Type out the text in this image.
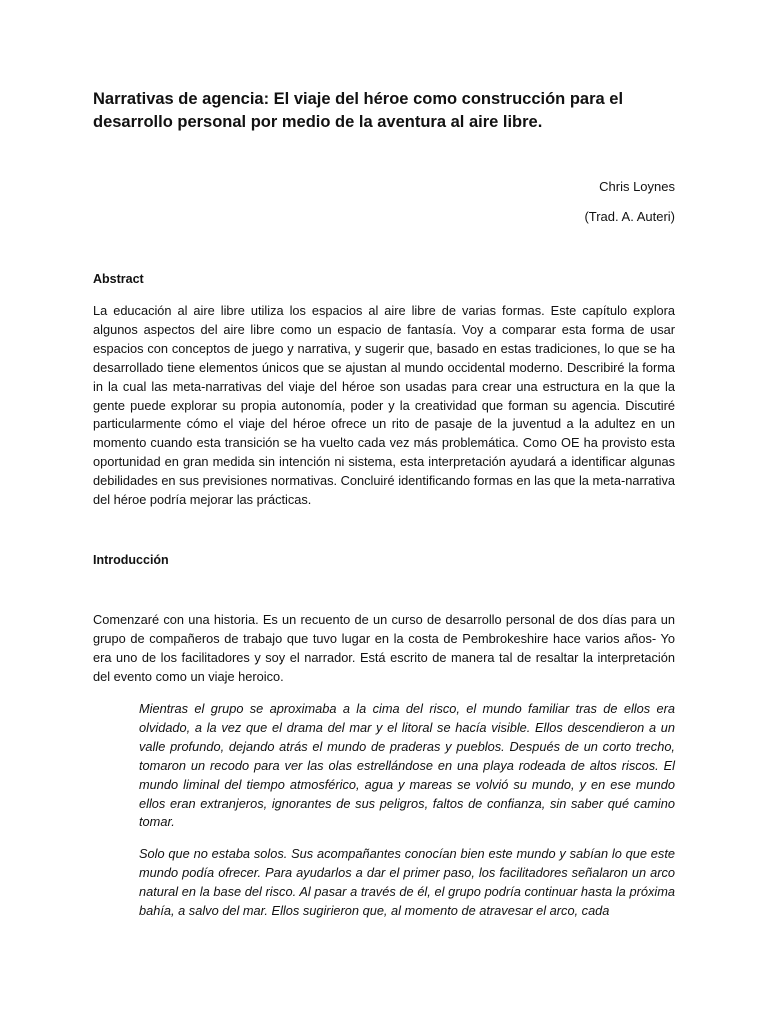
Narrativas de agencia: El viaje del héroe como construcción para el desarrollo personal por medio de la aventura al aire libre.

Chris Loynes

(Trad. A. Auteri)

Abstract

La educación al aire libre utiliza los espacios al aire libre de varias formas. Este capítulo explora algunos aspectos del aire libre como un espacio de fantasía. Voy a comparar esta forma de usar espacios con conceptos de juego y narrativa, y sugerir que, basado en estas tradiciones, lo que se ha desarrollado tiene elementos únicos que se ajustan al mundo occidental moderno. Describiré la forma in la cual las meta-narrativas del viaje del héroe son usadas para crear una estructura en la que la gente puede explorar su propia autonomía, poder y la creatividad que forman su agencia. Discutiré particularmente cómo el viaje del héroe ofrece un rito de pasaje de la juventud a la adultez en un momento cuando esta transición se ha vuelto cada vez más problemática. Como OE ha provisto esta oportunidad en gran medida sin intención ni sistema, esta interpretación ayudará a identificar algunas debilidades en sus previsiones normativas. Concluiré identificando formas en las que la meta-narrativa del héroe podría mejorar las prácticas.

Introducción

Comenzaré con una historia. Es un recuento de un curso de desarrollo personal de dos días para un grupo de compañeros de trabajo que tuvo lugar en la costa de Pembrokeshire hace varios años- Yo era uno de los facilitadores y soy el narrador. Está escrito de manera tal de resaltar la interpretación del evento como un viaje heroico.

Mientras el grupo se aproximaba a la cima del risco, el mundo familiar tras de ellos era olvidado, a la vez que el drama del mar y el litoral se hacía visible. Ellos descendieron a un valle profundo, dejando atrás el mundo de praderas y pueblos. Después de un corto trecho, tomaron un recodo para ver las olas estrellándose en una playa rodeada de altos riscos. El mundo liminal del tiempo atmosférico, agua y mareas se volvió su mundo, y en ese mundo ellos eran extranjeros, ignorantes de sus peligros, faltos de confianza, sin saber qué camino tomar.

Solo que no estaba solos. Sus acompañantes conocían bien este mundo y sabían lo que este mundo podía ofrecer. Para ayudarlos a dar el primer paso, los facilitadores señalaron un arco natural en la base del risco. Al pasar a través de él, el grupo podría continuar hasta la próxima bahía, a salvo del mar. Ellos sugirieron que, al momento de atravesar el arco, cada
